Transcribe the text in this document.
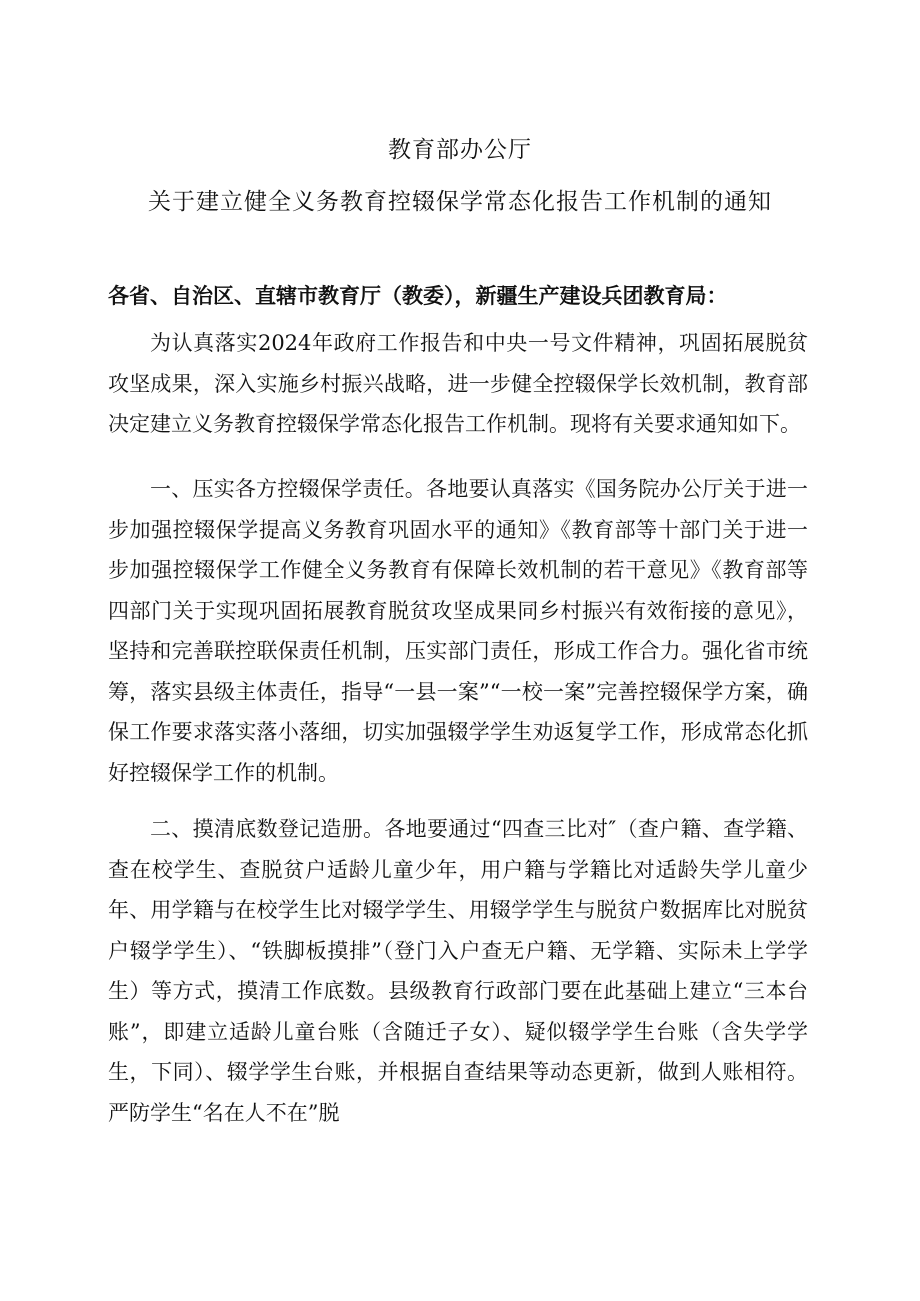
教育部办公厅
关于建立健全义务教育控辍保学常态化报告工作机制的通知
各省、自治区、直辖市教育厅（教委），新疆生产建设兵团教育局：

为认真落实2024年政府工作报告和中央一号文件精神，巩固拓展脱贫攻坚成果，深入实施乡村振兴战略，进一步健全控辍保学长效机制，教育部决定建立义务教育控辍保学常态化报告工作机制。现将有关要求通知如下。

一、压实各方控辍保学责任。各地要认真落实《国务院办公厅关于进一步加强控辍保学提高义务教育巩固水平的通知》《教育部等十部门关于进一步加强控辍保学工作健全义务教育有保障长效机制的若干意见》《教育部等四部门关于实现巩固拓展教育脱贫攻坚成果同乡村振兴有效衔接的意见》，坚持和完善联控联保责任机制，压实部门责任，形成工作合力。强化省市统筹，落实县级主体责任，指导“一县一案”“一校一案”完善控辍保学方案，确保工作要求落实落小落细，切实加强辍学学生劝返复学工作，形成常态化抓好控辍保学工作的机制。

二、摸清底数登记造册。各地要通过“四查三比对″（查户籍、查学籍、查在校学生、查脱贫户适龄儿童少年，用户籍与学籍比对适龄失学儿童少年、用学籍与在校学生比对辍学学生、用辍学学生与脱贫户数据库比对脱贫户辍学学生）、“铁脚板摸排”（登门入户查无户籍、无学籍、实际未上学学生）等方式，摸清工作底数。县级教育行政部门要在此基础上建立“三本台账”，即建立适龄儿童台账（含随迁子女）、疑似辍学学生台账（含失学学生，下同）、辍学学生台账，并根据自查结果等动态更新，做到人账相符。严防学生“名在人不在”脱
